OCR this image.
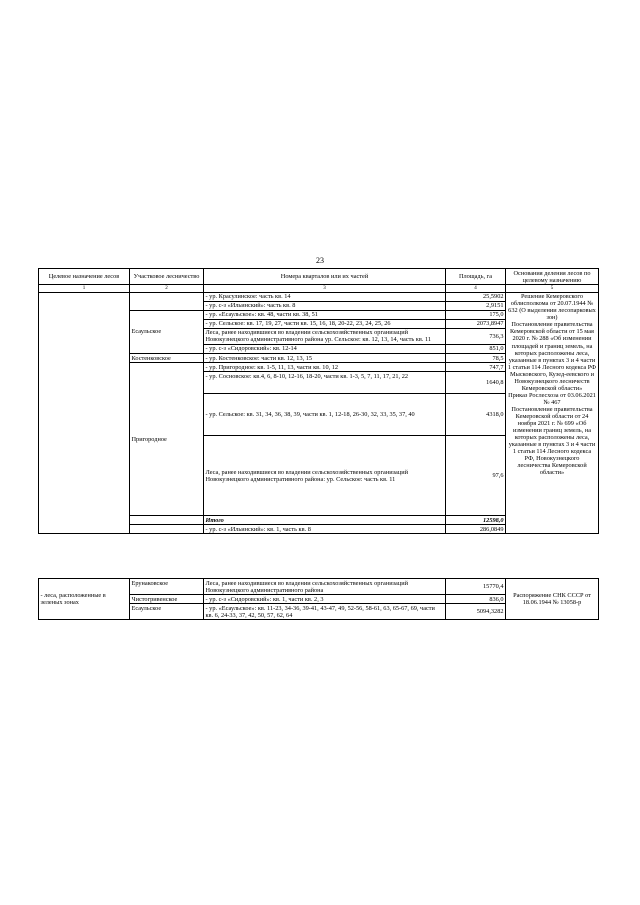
23
Целевое назначение лесов	Участковое лесничество	Номера кварталов или их частей	Площадь, га	Основания деления лесов по целевому назначению
1	2	3	4	5
		- ур. Красулинское: часть кв. 14	25,5902	Решение Кемеровского облисполкома от 20.07.1944 № 632 (О выделении лесопарковых зон)

Постановление правительства Кемеровской области от 15 мая 2020 г. № 288 «Об изменении площадей и границ земель, на которых расположены леса, указанные в пунктах 3 и 4 части 1 статьи 114 Лесного кодекса РФ Мысковского, Кузед-еевского и Новокузнецкого лесничеств Кемеровской области»

Приказ Рослесхоза от 03.06.2021 № 467

Постановление правительства Кемеровской области от 24 ноября 2021 г. № 699 «Об изменении границ земель, на которых расположены леса, указанные в пунктах 3 и 4 части 1 статьи 114 Лесного кодекса РФ, Новокузнецкого лесничества Кемеровской области»

		- ур. с-з «Ильинский»: часть кв. 8	2,9151	
	Есаульское	- ур. «Есаульское»: кв. 48, части кв. 38, 51	175,0	
		- ур. Сельское: кв. 17, 19, 27, части кв. 15, 16, 18, 20-22, 23, 24, 25, 26	2073,8947	
		Леса, ранее находившиеся во владении сельскохозяйственных организаций Новокузнецкого административного района ур. Сельское: кв. 12, 13, 14, часть кв. 11	736,3	
		- ур. с-з «Сидоровский»: кв. 12-14	851,0	
	Костенковское	- ур. Костенковское: части кв. 12, 13, 15	78,5	
	Пригородное	- ур. Пригородное: кв. 1-5, 11, 13, части кв. 10, 12	747,7	
		- ур. Сосновское: кв.4, 6, 8-10, 12-16, 18-20, части кв. 1-3, 5, 7, 11, 17, 21, 22	1640,8	
		- ур. Сельское: кв. 31, 34, 36, 38, 39, части кв. 1, 12-18, 26-30, 32, 33, 35, 37, 40	4318,0	
		Леса, ранее находившиеся во владении сельскохозяйственных организаций Новокузнецкого административного района: ур. Сельское: часть кв. 11	97,6	
		Итого	12598,0	
		- ур. с-з «Ильинский»: кв. 1, часть кв. 8	286,0849	
- леса, расположенные в зеленых зонах	Ерунаковское	Леса, ранее находившиеся во владении сельскохозяйственных организаций Новокузнецкого административного района	15770,4	Распоряжение СНК СССР от 18.06.1944 № 13058-р
	Чистогривенское	- ур. с-з «Сидоровский»: кв. 1, части кв. 2, 3	836,0	
	Есаульское	- ур. «Есаульское»: кв. 11-23, 34-36, 39-41, 43-47, 49, 52-56, 58-61, 63, 65-67, 69, части кв. 6, 24-33, 37, 42, 50, 57, 62, 64	5094,3282	
